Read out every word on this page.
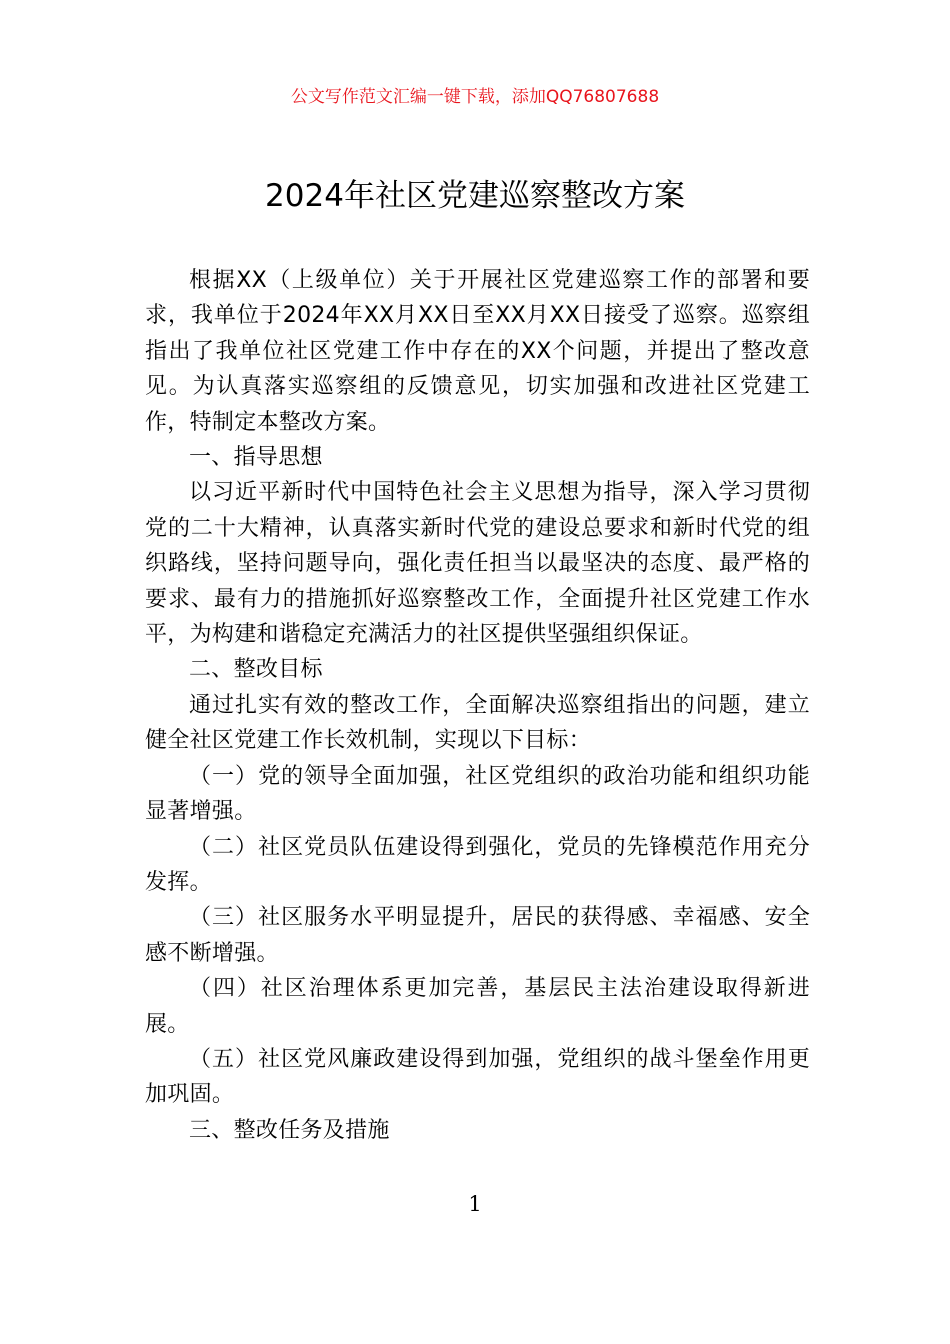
公文写作范文汇编一键下载，添加QQ76807688
2024年社区党建巡察整改方案

根据XX（上级单位）关于开展社区党建巡察工作的部署和要求，我单位于2024年XX月XX日至XX月XX日接受了巡察。巡察组指出了我单位社区党建工作中存在的XX个问题，并提出了整改意见。为认真落实巡察组的反馈意见，切实加强和改进社区党建工作，特制定本整改方案。

一、指导思想

以习近平新时代中国特色社会主义思想为指导，深入学习贯彻党的二十大精神，认真落实新时代党的建设总要求和新时代党的组织路线，坚持问题导向，强化责任担当以最坚决的态度、最严格的要求、最有力的措施抓好巡察整改工作，全面提升社区党建工作水平，为构建和谐稳定充满活力的社区提供坚强组织保证。

二、整改目标

通过扎实有效的整改工作，全面解决巡察组指出的问题，建立健全社区党建工作长效机制，实现以下目标：

（一）党的领导全面加强，社区党组织的政治功能和组织功能显著增强。

（二）社区党员队伍建设得到强化，党员的先锋模范作用充分发挥。

（三）社区服务水平明显提升，居民的获得感、幸福感、安全感不断增强。

（四）社区治理体系更加完善，基层民主法治建设取得新进展。

（五）社区党风廉政建设得到加强，党组织的战斗堡垒作用更加巩固。

三、整改任务及措施

1
